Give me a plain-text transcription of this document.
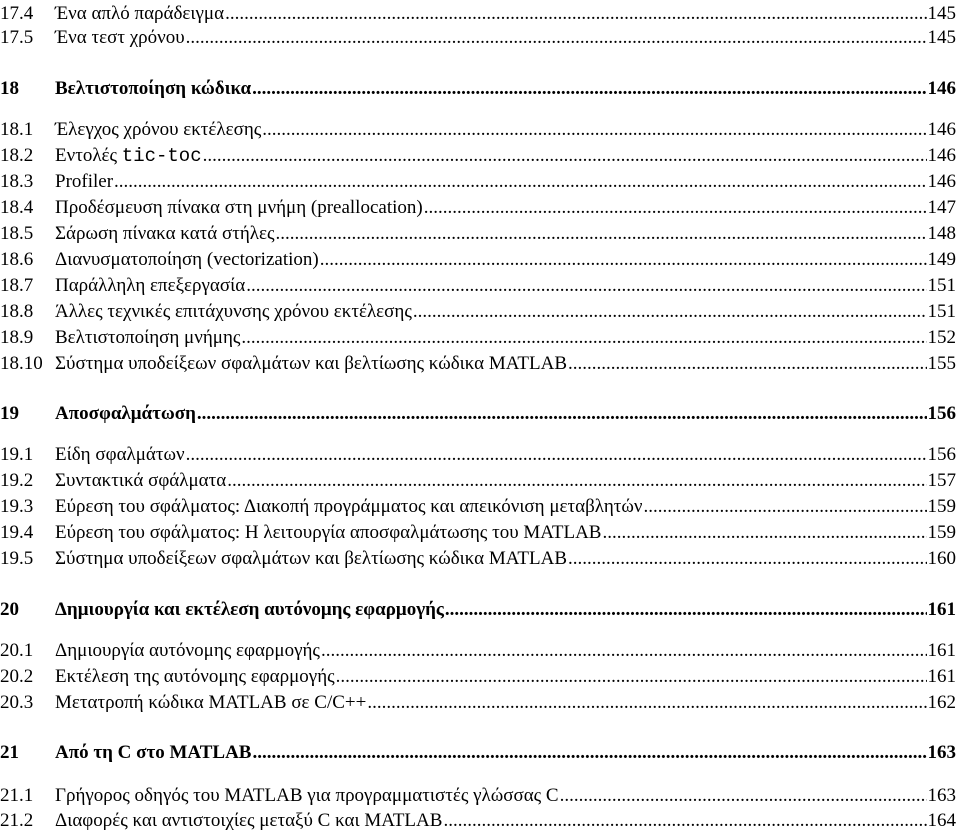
17.4	Ένα απλό παράδειγμα .....	145
17.5	Ένα τεστ χρόνου .....	145
18	Βελτιστοποίηση κώδικα .....	146
18.1	Έλεγχος χρόνου εκτέλεσης .....	146
18.2	Εντολές tic-toc .....	146
18.3	Profiler .....	146
18.4	Προδέσμευση πίνακα στη μνήμη (preallocation) .....	147
18.5	Σάρωση πίνακα κατά στήλες .....	148
18.6	Διανυσματοποίηση (vectorization) .....	149
18.7	Παράλληλη επεξεργασία .....	151
18.8	Άλλες τεχνικές επιτάχυνσης χρόνου εκτέλεσης .....	151
18.9	Βελτιστοποίηση μνήμης .....	152
18.10 Σύστημα υποδείξεων σφαλμάτων και βελτίωσης κώδικα MATLAB .....	155
19	Αποσφαλμάτωση .....	156
19.1	Είδη σφαλμάτων .....	156
19.2	Συντακτικά σφάλματα .....	157
19.3	Εύρεση του σφάλματος: Διακοπή προγράμματος και απεικόνιση μεταβλητών .....	159
19.4	Εύρεση του σφάλματος: Η λειτουργία αποσφαλμάτωσης του MATLAB .....	159
19.5	Σύστημα υποδείξεων σφαλμάτων και βελτίωσης κώδικα MATLAB .....	160
20	Δημιουργία και εκτέλεση αυτόνομης εφαρμογής .....	161
20.1	Δημιουργία αυτόνομης εφαρμογής .....	161
20.2	Εκτέλεση της αυτόνομης εφαρμογής .....	161
20.3	Μετατροπή κώδικα MATLAB σε C/C++ .....	162
21	Από τη C στο MATLAB .....	163
21.1	Γρήγορος οδηγός του MATLAB για προγραμματιστές γλώσσας C .....	163
21.2	Διαφορές και αντιστοιχίες μεταξύ C και MATLAB .....	164
